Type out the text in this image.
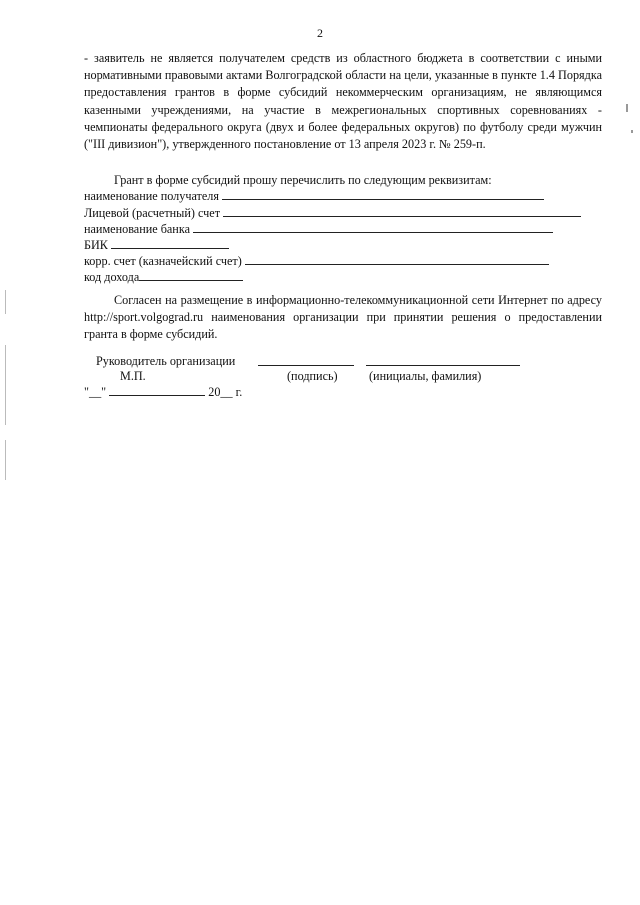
2

- заявитель не является получателем средств из областного бюджета в соответствии с иными нормативными правовыми актами Волгоградской области на цели, указанные в пункте 1.4 Порядка предоставления грантов в форме субсидий некоммерческим организациям, не являющимся казенными учреждениями, на участие в межрегиональных спортивных соревнованиях - чемпионаты федерального округа (двух и более федеральных округов) по футболу среди мужчин ("III дивизион"), утвержденного постановление от 13 апреля 2023 г. № 259-п.

Грант в форме субсидий прошу перечислить по следующим реквизитам:

наименование получателя
Лицевой (расчетный) счет
наименование банка
БИК
корр. счет (казначейский счет)
код дохода

Согласен на размещение в информационно-телекоммуникационной сети Интернет по адресу http://sport.volgograd.ru наименования организации при принятии решения о предоставлении гранта в форме субсидий.

Руководитель организации
М.П.	(подпись)	(инициалы, фамилия)
"__"	20__ г.
